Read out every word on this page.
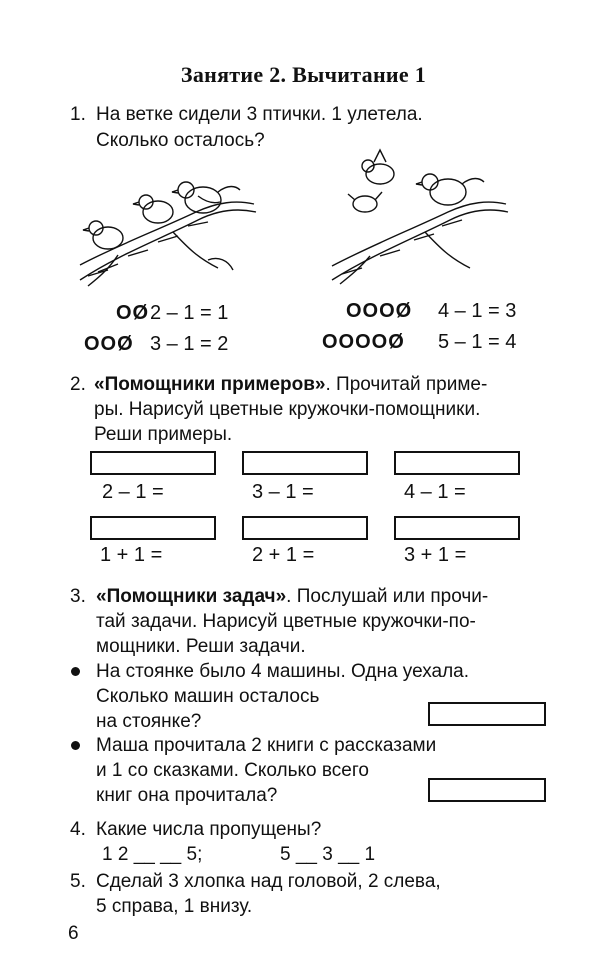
Занятие 2. Вычитание 1
1. На ветке сидели 3 птички. 1 улетела.
Сколько осталось?
ОØ 2 – 1 = 1
ООØ 3 – 1 = 2
ОООØ 4 – 1 = 3
ООООØ 5 – 1 = 4
2. «Помощники примеров». Прочитай приме-
ры. Нарисуй цветные кружочки-помощники.
Реши примеры.
2 – 1 =	3 – 1 =	4 – 1 =
1 + 1 =	2 + 1 =	3 + 1 =
3. «Помощники задач». Послушай или прочи-
тай задачи. Нарисуй цветные кружочки-по-
мощники. Реши задачи.
На стоянке было 4 машины. Одна уехала.
Сколько машин осталось
на стоянке?
Маша прочитала 2 книги с рассказами
и 1 со сказками. Сколько всего
книг она прочитала?
4. Какие числа пропущены?
1 2 __ __ 5;	5 __ 3 __ 1
5. Сделай 3 хлопка над головой, 2 слева,
5 справа, 1 внизу.
6
